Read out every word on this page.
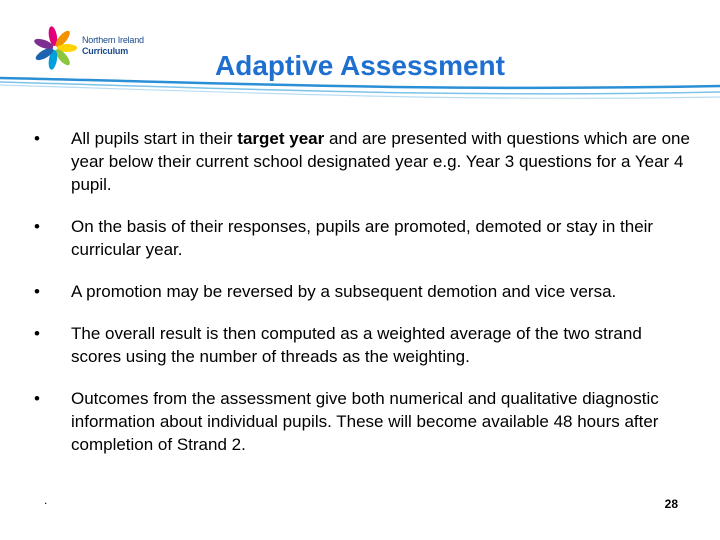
Northern Ireland
Curriculum	Adaptive Assessment
• All pupils start in their target year and are presented with questions which are one year below their current school designated year e.g. Year 3 questions for a Year 4 pupil.
• On the basis of their responses, pupils are promoted, demoted or stay in their curricular year.
• A promotion may be reversed by a subsequent demotion and vice versa.
• The overall result is then computed as a weighted average of the two strand scores using the number of threads as the weighting.
• Outcomes from the assessment give both numerical and qualitative diagnostic information about individual pupils. These will become available 48 hours after completion of Strand 2.
.	28
